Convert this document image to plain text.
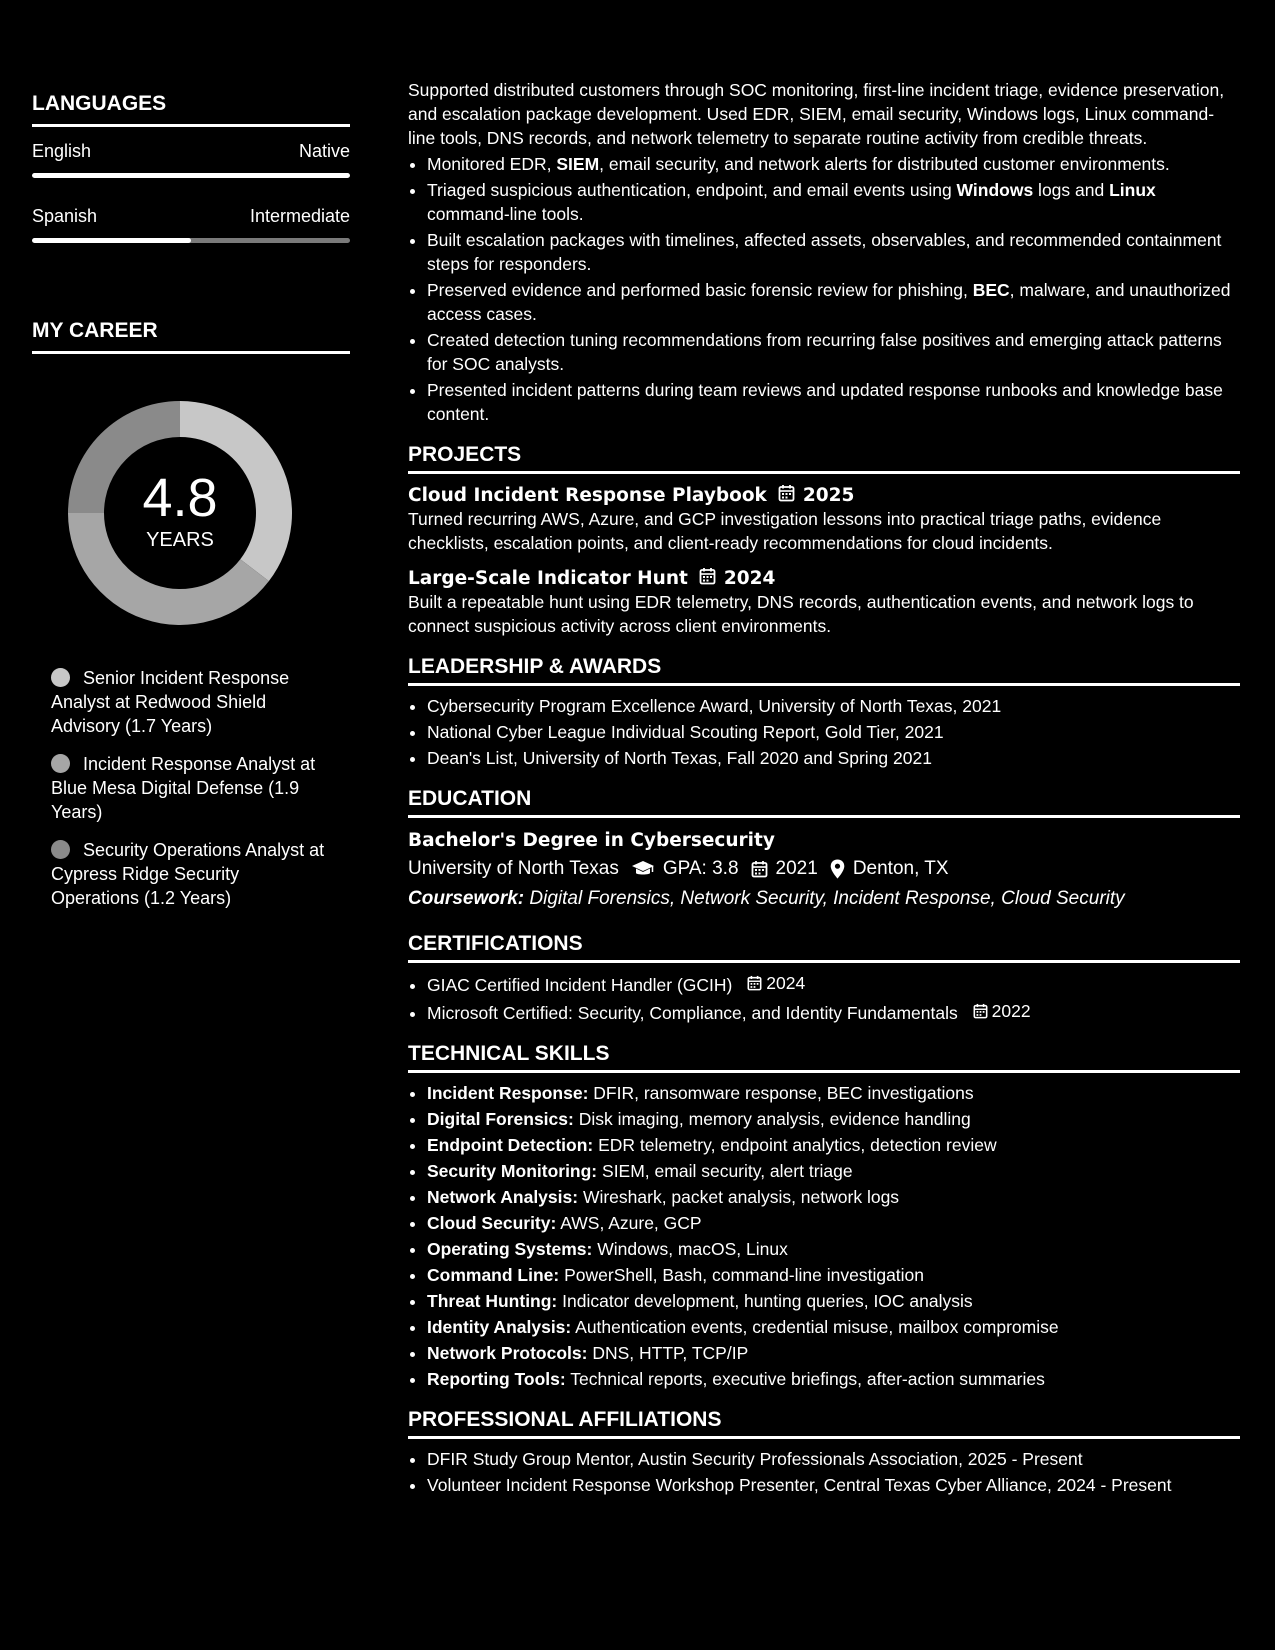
LANGUAGES
English	Native
Spanish	Intermediate
MY CAREER
4.8
YEARS
Senior Incident Response Analyst at Redwood Shield Advisory (1.7 Years)
Incident Response Analyst at Blue Mesa Digital Defense (1.9 Years)
Security Operations Analyst at Cypress Ridge Security Operations (1.2 Years)

Supported distributed customers through SOC monitoring, first-line incident triage, evidence preservation, and escalation package development. Used EDR, SIEM, email security, Windows logs, Linux command-line tools, DNS records, and network telemetry to separate routine activity from credible threats.

• Monitored EDR, SIEM, email security, and network alerts for distributed customer environments.
• Triaged suspicious authentication, endpoint, and email events using Windows logs and Linux command-line tools.
• Built escalation packages with timelines, affected assets, observables, and recommended containment steps for responders.
• Preserved evidence and performed basic forensic review for phishing, BEC, malware, and unauthorized access cases.
• Created detection tuning recommendations from recurring false positives and emerging attack patterns for SOC analysts.
• Presented incident patterns during team reviews and updated response runbooks and knowledge base content.
PROJECTS
Cloud Incident Response Playbook 2025

Turned recurring AWS, Azure, and GCP investigation lessons into practical triage paths, evidence checklists, escalation points, and client-ready recommendations for cloud incidents.

Large-Scale Indicator Hunt 2024

Built a repeatable hunt using EDR telemetry, DNS records, authentication events, and network logs to connect suspicious activity across client environments.

LEADERSHIP & AWARDS
• Cybersecurity Program Excellence Award, University of North Texas, 2021
• National Cyber League Individual Scouting Report, Gold Tier, 2021
• Dean's List, University of North Texas, Fall 2020 and Spring 2021
EDUCATION
Bachelor's Degree in Cybersecurity
University of North Texas GPA: 3.8 2021 Denton, TX
Coursework: Digital Forensics, Network Security, Incident Response, Cloud Security
CERTIFICATIONS
• GIAC Certified Incident Handler (GCIH) 2024
• Microsoft Certified: Security, Compliance, and Identity Fundamentals 2022
TECHNICAL SKILLS
• Incident Response: DFIR, ransomware response, BEC investigations
• Digital Forensics: Disk imaging, memory analysis, evidence handling
• Endpoint Detection: EDR telemetry, endpoint analytics, detection review
• Security Monitoring: SIEM, email security, alert triage
• Network Analysis: Wireshark, packet analysis, network logs
• Cloud Security: AWS, Azure, GCP
• Operating Systems: Windows, macOS, Linux
• Command Line: PowerShell, Bash, command-line investigation
• Threat Hunting: Indicator development, hunting queries, IOC analysis
• Identity Analysis: Authentication events, credential misuse, mailbox compromise
• Network Protocols: DNS, HTTP, TCP/IP
• Reporting Tools: Technical reports, executive briefings, after-action summaries
PROFESSIONAL AFFILIATIONS
• DFIR Study Group Mentor, Austin Security Professionals Association, 2025 - Present
• Volunteer Incident Response Workshop Presenter, Central Texas Cyber Alliance, 2024 - Present
